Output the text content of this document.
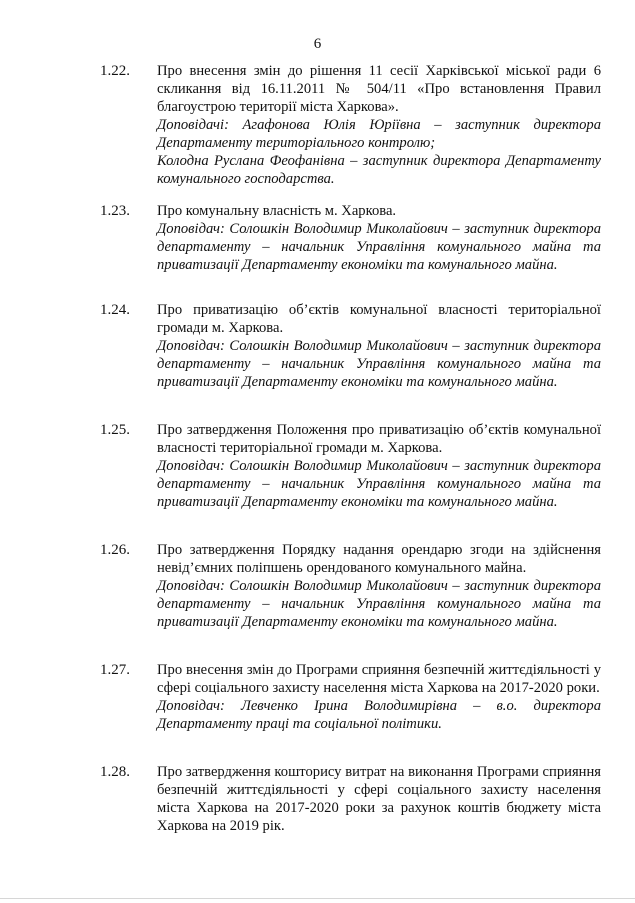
6
1.22. Про внесення змін до рішення 11 сесії Харківської міської ради 6 скликання від 16.11.2011 № 504/11 «Про встановлення Правил благоустрою території міста Харкова».
Доповідачі: Агафонова Юлія Юріївна – заступник директора Департаменту територіального контролю;
Колодна Руслана Феофанівна – заступник директора Департаменту комунального господарства.
1.23. Про комунальну власність м. Харкова.
Доповідач: Солошкін Володимир Миколайович – заступник директора департаменту – начальник Управління комунального майна та приватизації Департаменту економіки та комунального майна.
1.24. Про приватизацію об’єктів комунальної власності територіальної громади м. Харкова.
Доповідач: Солошкін Володимир Миколайович – заступник директора департаменту – начальник Управління комунального майна та приватизації Департаменту економіки та комунального майна.
1.25. Про затвердження Положення про приватизацію об’єктів комунальної власності територіальної громади м. Харкова.
Доповідач: Солошкін Володимир Миколайович – заступник директора департаменту – начальник Управління комунального майна та приватизації Департаменту економіки та комунального майна.
1.26. Про затвердження Порядку надання орендарю згоди на здійснення невід’ємних поліпшень орендованого комунального майна.
Доповідач: Солошкін Володимир Миколайович – заступник директора департаменту – начальник Управління комунального майна та приватизації Департаменту економіки та комунального майна.
1.27. Про внесення змін до Програми сприяння безпечній життєдіяльності у сфері соціального захисту населення міста Харкова на 2017-2020 роки.
Доповідач: Левченко Ірина Володимирівна – в.о. директора Департаменту праці та соціальної політики.
1.28. Про затвердження кошторису витрат на виконання Програми сприяння безпечній життєдіяльності у сфері соціального захисту населення міста Харкова на 2017-2020 роки за рахунок коштів бюджету міста Харкова на 2019 рік.
